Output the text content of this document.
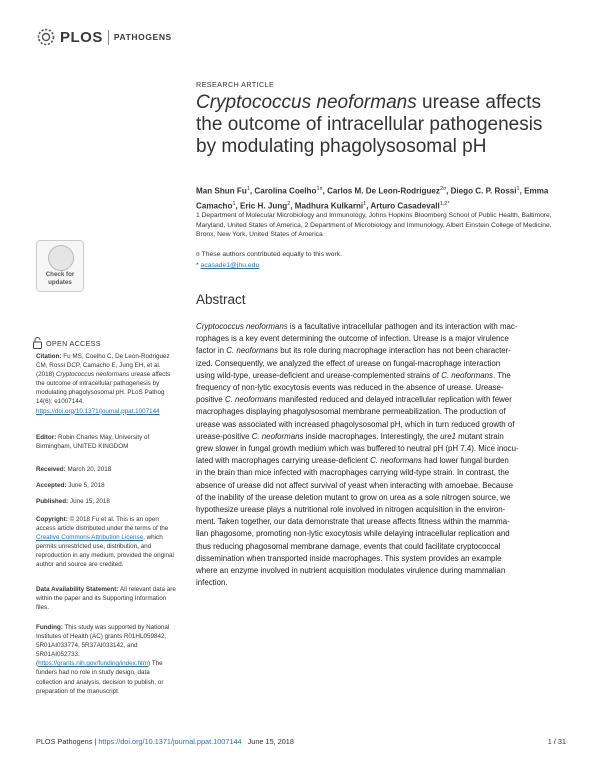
PLOS PATHOGENS
RESEARCH ARTICLE
Cryptococcus neoformans urease affects the outcome of intracellular pathogenesis by modulating phagolysosomal pH
Man Shun Fu$^1$, Carolina Coelho$^{1¤}$, Carlos M. De Leon-Rodriguez$^{2¤}$, Diego C. P. Rossi$^1$, Emma Camacho$^1$, Eric H. Jung$^2$, Madhura Kulkarni$^1$, Arturo Casadevall$^{1,2*}$
1 Department of Molecular Microbiology and Immunology, Johns Hopkins Bloomberg School of Public Health, Baltimore, Maryland, United States of America, 2 Department of Microbiology and Immunology, Albert Einstein College of Medicine, Bronx, New York, United States of America
¤ These authors contributed equally to this work.
* acasade1@jhu.edu
Abstract
Cryptococcus neoformans is a facultative intracellular pathogen and its interaction with mac-
rophages is a key event determining the outcome of infection. Urease is a major virulence
factor in C. neoformans but its role during macrophage interaction has not been character-
ized. Consequently, we analyzed the effect of urease on fungal-macrophage interaction
using wild-type, urease-deficient and urease-complemented strains of C. neoformans. The
frequency of non-lytic exocytosis events was reduced in the absence of urease. Urease-
positive C. neoformans manifested reduced and delayed intracellular replication with fewer
macrophages displaying phagolysosomal membrane permeabilization. The production of
urease was associated with increased phagolysosomal pH, which in turn reduced growth of
urease-positive C. neoformans inside macrophages. Interestingly, the ure1 mutant strain
grew slower in fungal growth medium which was buffered to neutral pH (pH 7.4). Mice inocu-
lated with macrophages carrying urease-deficient C. neoformans had lower fungal burden
in the brain than mice infected with macrophages carrying wild-type strain. In contrast, the
absence of urease did not affect survival of yeast when interacting with amoebae. Because
of the inability of the urease deletion mutant to grow on urea as a sole nitrogen source, we
hypothesize urease plays a nutritional role involved in nitrogen acquisition in the environ-
ment. Taken together, our data demonstrate that urease affects fitness within the mamma-
lian phagosome, promoting non-lytic exocytosis while delaying intracellular replication and
thus reducing phagosomal membrane damage, events that could facilitate cryptococcal
dissemination when transported inside macrophages. This system provides an example
where an enzyme involved in nutrient acquisition modulates virulence during mammalian
infection.
Check for updates
OPEN ACCESS
Citation: Fu MS, Coelho C, De Leon-Rodriguez CM, Rossi DCP, Camacho E, Jung EH, et al. (2018) Cryptococcus neoformans urease affects the outcome of intracellular pathogenesis by modulating phagolysosomal pH. PLoS Pathog 14(6): e1007144. https://doi.org/10.1371/journal.ppat.1007144
Editor: Robin Charles May, University of Birmingham, UNITED KINGDOM
Received: March 20, 2018
Accepted: June 5, 2018
Published: June 15, 2018
Copyright: © 2018 Fu et al. This is an open access article distributed under the terms of the Creative Commons Attribution License, which permits unrestricted use, distribution, and reproduction in any medium, provided the original author and source are credited.
Data Availability Statement: All relevant data are within the paper and its Supporting Information files.
Funding: This study was supported by National Institutes of Health (AC) grants R01HL059842, 5R01AI033774, 5R37AI033142, and 5R01AI052733. (https://grants.nih.gov/funding/index.htm) The funders had no role in study design, data collection and analysis, decision to publish, or preparation of the manuscript.
PLOS Pathogens | https://doi.org/10.1371/journal.ppat.1007144 June 15, 2018	1 / 31
